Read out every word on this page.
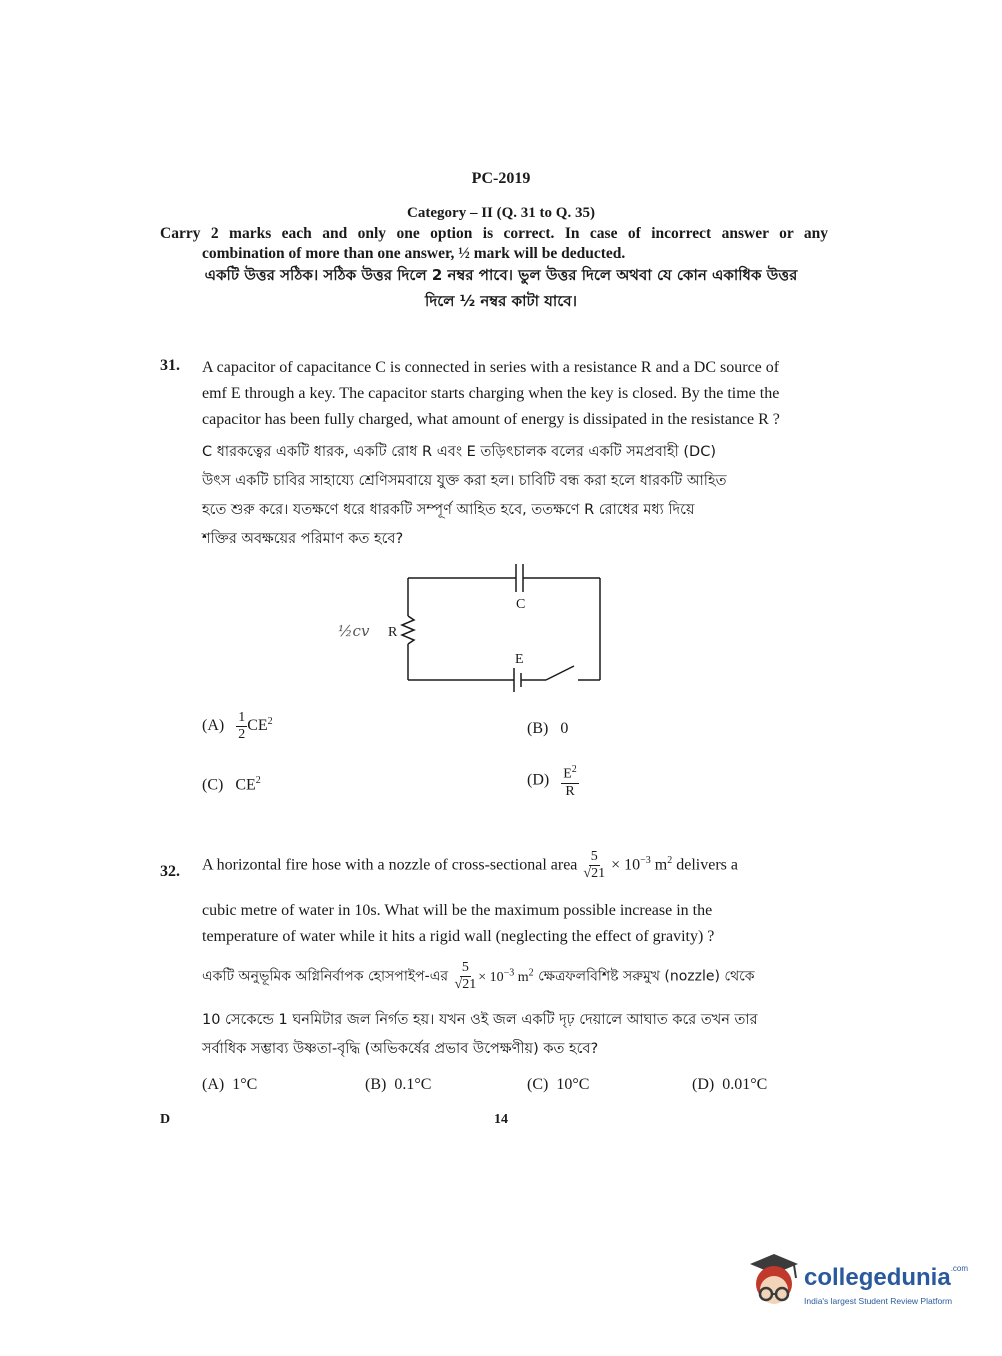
PC-2019
Category – II (Q. 31 to Q. 35)
Carry 2 marks each and only one option is correct. In case of incorrect answer or any
combination of more than one answer, ½ mark will be deducted.
একটি উত্তর সঠিক। সঠিক উত্তর দিলে 2 নম্বর পাবে। ভুল উত্তর দিলে অথবা যে কোন একাধিক উত্তর
দিলে ½ নম্বর কাটা যাবে।
31. A capacitor of capacitance C is connected in series with a resistance R and a DC source of
emf E through a key. The capacitor starts charging when the key is closed. By the time the
capacitor has been fully charged, what amount of energy is dissipated in the resistance R ?
C ধারকত্বের একটি ধারক, একটি রোধ R এবং E তড়িৎচালক বলের একটি সমপ্রবাহী (DC)
উৎস একটি চাবির সাহায্যে শ্রেণিসমবায়ে যুক্ত করা হল। চাবিটি বন্ধ করা হলে ধারকটি আহিত
হতে শুরু করে। যতক্ষণে ধরে ধারকটি সম্পূর্ণ আহিত হবে, ততক্ষণে R রোধের মধ্য দিয়ে
শক্তির অবক্ষয়ের পরিমাণ কত হবে?
C
R
E
½cv
$(A) \frac{1}{2} CE^2$	(B) 0
(C) $CE^2$	$(D) \frac{E^2}{R}$
32. A horizontal fire hose with a nozzle of cross-sectional area $\frac{5}{√21} \times 10^{-3}$ $m^2$ delivers a
cubic metre of water in 10s. What will be the maximum possible increase in the
temperature of water while it hits a rigid wall (neglecting the effect of gravity) ?
একটি অনুভূমিক অগ্নিনির্বাপক হোসপাইপ-এর $\frac{5}{√21} \times 10^{-3}$ $m^2$ ক্ষেত্রফলবিশিষ্ট সরুমুখ (nozzle) থেকে
10 সেকেন্ডে 1 ঘনমিটার জল নির্গত হয়। যখন ওই জল একটি দৃঢ় দেয়ালে আঘাত করে তখন তার
সর্বাধিক সম্ভাব্য উষ্ণতা-বৃদ্ধি (অভিকর্ষের প্রভাব উপেক্ষণীয়) কত হবে?
(A) 1°C	(B) 0.1°C	(C) 10°C	(D) 0.01°C
D	14
collegedunia$^{.com}$
India's largest Student Review Platform
